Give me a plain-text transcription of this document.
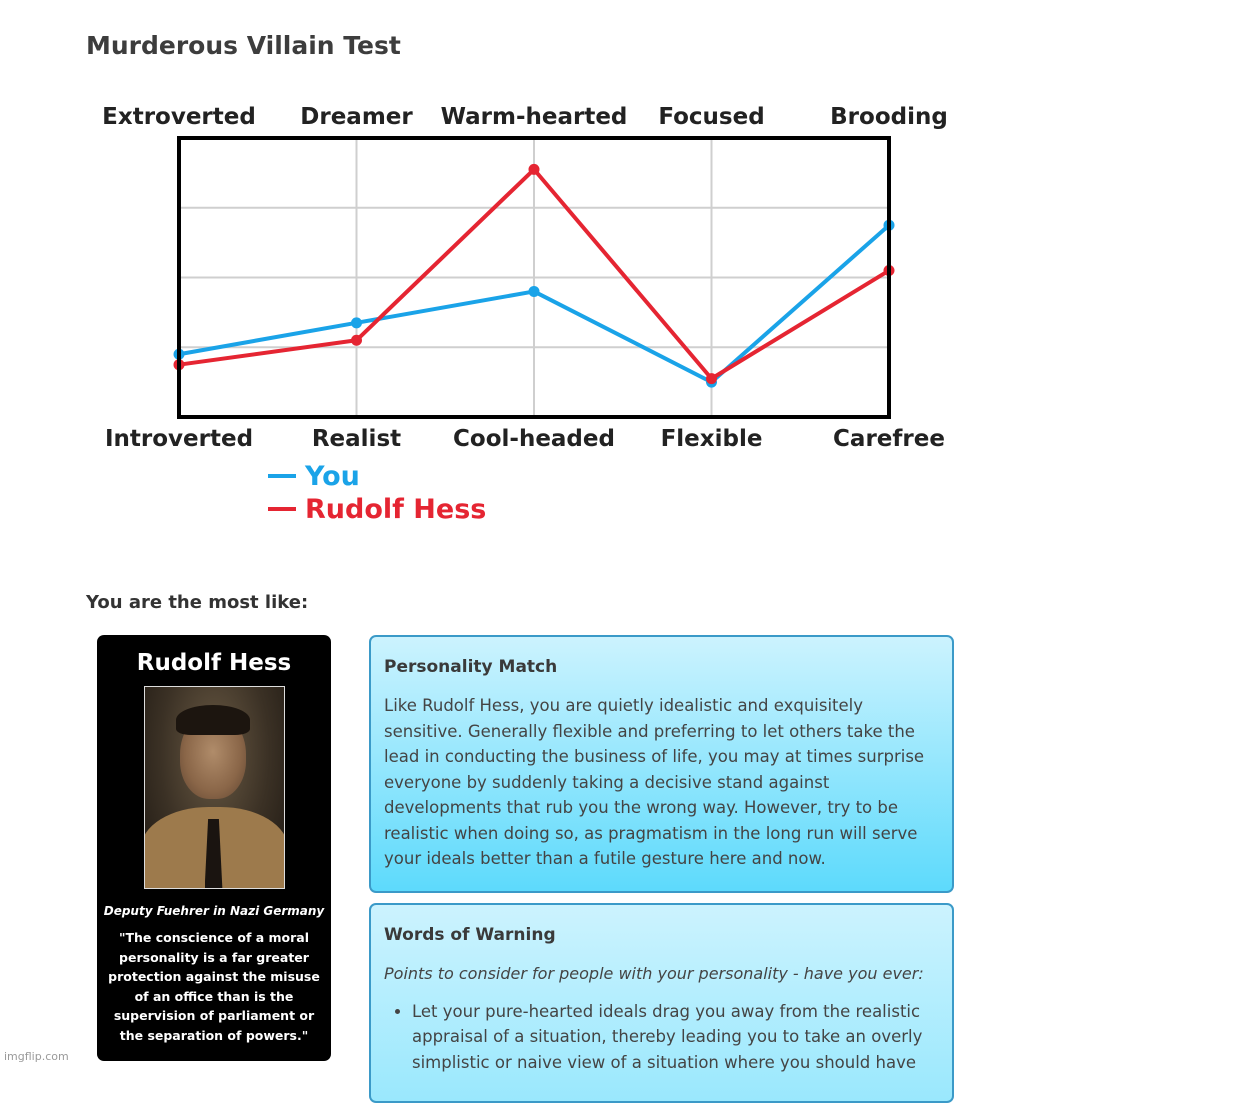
Murderous Villain Test
Extroverted Dreamer Warm-hearted Focused	Brooding
Introverted	Realist Cool-headed Flexible	Carefree
You
Rudolf Hess
You are the most like:
Rudolf Hess
Deputy Fuehrer in Nazi Germany
"The conscience of a moral personality is a far greater protection against the misuse of an office than is the supervision of parliament or the separation of powers."
Personality Match

Like Rudolf Hess, you are quietly idealistic and exquisitely sensitive. Generally flexible and preferring to let others take the lead in conducting the business of life, you may at times surprise everyone by suddenly taking a decisive stand against developments that rub you the wrong way. However, try to be realistic when doing so, as pragmatism in the long run will serve your ideals better than a futile gesture here and now.

Words of Warning

Points to consider for people with your personality - have you ever:

• Let your pure-hearted ideals drag you away from the realistic appraisal of a situation, thereby leading you to take an overly simplistic or naive view of a situation where you should have
imgflip.com
